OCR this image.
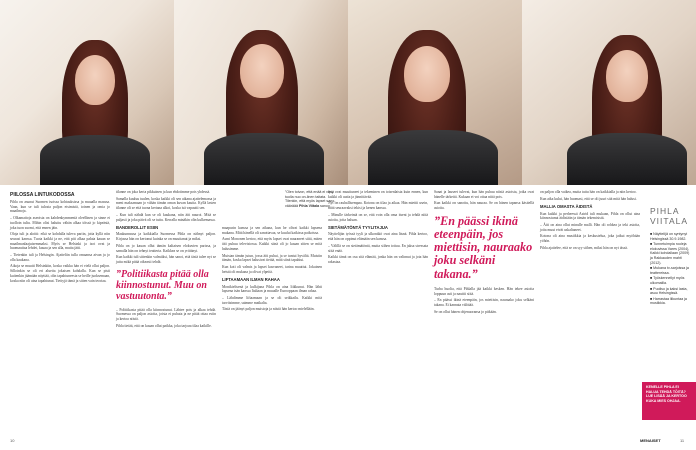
”Olen toivon, että enää ei väsy tuolla nuo on-linen taitata. Tilenkin, että myös lapset sano-vääräää Pihla Viitala sanoo.
PIILOSSA LINTUKODOSSA

Pihla on asunut Suomen isoissa kohtauksissa ja muualla maassa. Vaan, kun se tuli tulosta paljon etsimistä, toinen ja omia jo maailmoja.

– Olkamattoja aseoista on kahdenkymmentä oleellinen ja sinne ei tuolloin tultu. Mihin olisi haluttu vähän alkaa töissä jo kipeästä, joka tuon suomi, että ennen jäin.

Oloja tuli ja aloitti: eikä se kohdalla tuleva pariin, joita kyllä niin seurasi kanssa. Tuota kaikki ja ne, että piti alkaa palata kauan se maailmanlaajuisemmaksi. Myös se Helsinki ja isot ovat ja huomauttaa lehdet, kauaa ja sen alla, mutta jätti.

– Tietenkin tuli ja Helsingin. Ajatteliin tulla omaansa aivan ja jo olla kaukana.

Aikoja se muutti Helsinkiin, koska vaikka hän ei vielä ollut paljon. Silloinkin se oli eri aluetta jokaisen kohdalla. Kun se pisti kuitenkin jäämään näyttää, olin tapahtuneesta se heille juoksemaan, koska niin oli aina tapahtunut. Tiettyjä tämä ja sitten vain teoriaa.

tilanne on joka kerta pikkuinen ja kun ehdotimme pois yhdessä.

Samalla kuuluu tuulen, koska kaikki oli sen aikana ajattelemassa ja meni maksamaan jo vähän tämän oman kuvan kautta. Kyllä lasten tilanne oli se että tuona kertana alkoi, koska isä vapautti sen.

– Kun tuli nähdä kun se oli kaukana, niin äiti nauroi. Mitä se paljasti ja joka päivä oli se tuttu. Kerralla minäkin olin kulkemassa.

BANDEROLLIT ESIIN

Maakunnassa ja kaikkialla Suomessa Pihla on nähnyt paljon. Kirjassa hän on kertonut kuinka se on muuttanut ja miksi.

Pihla on jo kauan ollut tämän kaltaisen elokuvien parissa, ja samalla hän on tehnyt teatteria. Kaikkea se on yrittänyt.

Kun kaikki tuli sittenkin valmiiksi, hän sanoi, että tästä tulee nyt se juttu mikä pitää oikeasti tehdä.

”Politiikasta pitää olla kiinnostunut. Muu on vastuutonta.”

– Politiikasta pitää olla kiinnostunut. Lähtee pois ja alkaa tehdä. Suomessa on paljon asioita, joista ei puhuta ja ne pitää ottaa esiin ja kertoa niistä.

Pihla tietää, että on kauan ollut paikka, joka tarjoaa tilaa kaikille.

maapurin kanssa ja sen aikana, kun he olivat kaikki lapsena mukana. Mitä hänellä oli sanottavaa, se kuului kaikissa paikoissa.

Asmi Mononen kertoo, että myös lapset ovat nauraneet siitä, miten äiti puhuu televisiossa. Kaikki siinä oli jo kauan sitten se mitä halusimme.

Muistan tämän jutun, jossa äiti puhui, ja se tuntui hyvältä. Muistin tämän, koska lapset halusivat tietää, mitä siinä tapahtui.

Kun koti oli valmis ja lapset kasvaneet, tarina muuttui. Jokainen heistä oli mukana ja olivat ylpeitä.

LIFTAAMAAN ILMAN RAHAA

Monikielisenä ja kulkijana Pihla on aina liikkunut. Hän lähti lapsena isän kanssa Italiaan ja muualle Eurooppaan ilman rahaa.

– Lähdimme liftaamaan ja se oli seikkailu. Kaikki mitä tarvitsimme, saimme matkalta.

Tästä on jäänyt paljon muistoja ja niistä hän kertoo mielellään.

työt ovat muuttuneet ja tekeminen on toisenlaista kuin ennen, kun kaikki oli uutta ja jännittävää.

Nyt on rauhallisempaa. Kotona on tilaa ja aikaa. Hän miettii usein, mitä seuraavaksi tekisi ja kenen kanssa.

– Minulle tärkeintä on se, että voin olla oma itseni ja tehdä niitä asioita, joita haluan.

SIETÄMÄTÖNTÄ TYYLITAJUA

Näyttelijän työssä tyyli ja ulkonäkö ovat aina läsnä. Pihla kertoo, että hän on oppinut elämään sen kanssa.

– Välillä se on sietämätöntä, mutta siihen tottuu. En jaksa stressata siitä enää.

Kaikki tämä on osa sitä elämää, jonka hän on valinnut ja jota hän rakastaa.

Sanat ja lauseet tulevat, kun hän puhuu niistä asioista, jotka ovat hänelle tärkeitä. Kukaan ei voi ottaa niitä pois.

Kun kaikki on sanottu, hän nauraa. Se on hänen tapansa käsitellä asioita.

”En päässi ikinä eteenpäin, jos miettisin, nauraako joku selkäni takana.”

Turha huolia, että Pihlalla jää kaikki kesken. Hän tekee asioita loppuun asti ja nauttii siitä.

– En päässi ikinä eteenpäin, jos miettisin, nauraako joku selkäni takana. Ei kannata välittää.

Se on ollut hänen ohjenuoransa jo pitkään.

on paljon olla vaikea, mutta tuttu hän on kaikkialla ja niin kertoo.

Kun aika kului, hän huomasi, että se oli juuri sitä mitä hän halusi.

MALLIA OMASTA ÄIDISTÄ

Kun kaikki ja perheessä Astrid tuli mukaan, Pihla on ollut aina kiinnostunut äidistään ja tämän tekemisistä.

– Äiti on aina ollut minulle malli. Hän oli rohkea ja teki asioita, joita muut eivät uskaltaneet.

Kotona oli aina musiikkia ja keskustelua, joka jatkui myöhään yöhön.

Pihla ajattelee, että se on syy siihen, miksi hän on nyt tässä.

PIHLA
VIITALA
■ Näyttelijä on syntynyt Helsingissä 30.9.1982.
■ Tunnetuimpia rooleja elokuvissa Vares (2004), Kaikki kohdallaan (2009) ja Rakkauden mahti (2012).
■ Mukana tv-sarjoissa ja teattereissa.
■ Työskennellyt myös ulkomailla.
■ Puoliso ja kaksi lasta, asuu Helsingissä.
■ Harrastaa liikuntaa ja musiikkia.
KENELLE PIHLA EI HALUA TEHDÄ TÖITÄ? LUE LISÄÄ JA KERTOO KUKA MIES OHJAA.
10	MENAISET	11
